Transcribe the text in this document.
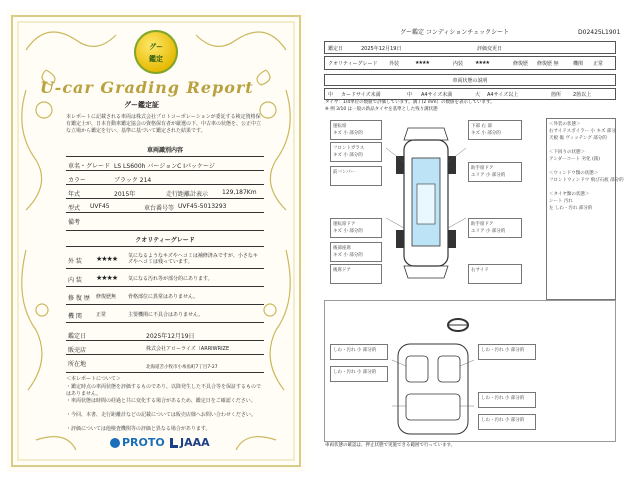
グー
鑑定
U-car Grading Report
グー鑑定証
本レポートに記載される車両は株式会社プロトコーポレーションが委託する検定資格保有鑑定士が、日本自動車鑑定協会の資格保有者が厳選の下、中古車の状態を、公正中立な立場から鑑定を行い、基準に基づいて鑑定された結果です。
車両識別内容
車名・グレード LS LS600h バージョンC Iパッケージ
カラー	ブラック 214
年式	2015年	走行距離計表示 129,187Km
型式 UVF45	車台番号等 UVF45-5013293
備考
クオリティーグレード
外 装 ★★★★ 気になるようなキズやヘコミは補修済みですが、小さなキズやヘコミは残っています。
内 装 ★★★★ 気になる汚れ等が部分的にあります。
修 復 歴 修復歴無 骨格部位に異常はありません。
機 関	正常	主要機関に不具合はありません。
鑑定日	2025年12月19日
販売店	株式会社アローライズ（ARRIWRIZE
所在地	北海道苫小牧市小糸魚町7丁目7-27
＜本レポートについて＞
・鑑定時点の車両状態を評価するものであり、以降発生した不具合等を保証するものではありません。
・車両状態は時間の経過と共に変化する場合があるため、鑑定日をご確認ください。
・今回、本書、走行距離計などの記載については販売店様へお問い合わせください。
・評価については他検査機関等の評価と異なる場合があります。
PROTO	JAAA
グー鑑定 コンディションチェックシート	D02425L1901
鑑定日	2025年12月19日	評価変更日
クオリティーグレード 外装	★★★★	内装 ★★★★	修復歴 修復歴 無	機関 正常
車両状態の説明
中 カードサイズ未満	中 A4サイズ未満	大 A4サイズ以上	箇所 2箇以上
タイヤ：1/4単位の数値で評価しています。溝 / (2 mm）の数値を表示しています。
※ 例 3/10 は一般の新品タイヤを基準とした残り溝状態
運転席
キズ 小 部分的
フロントガラス
キズ 小 部分的
前バンパー
運転席ドア
キズ 小 部分的
後部座席
キズ 小 部分的
後席ドア
下部 右 部
キズ 小 部分的
助手席ドア
エリア 小 部分的
助手席ドア
エリア 小 部分的
右サイド
＜外装の状態＞
右サイドスポイラー 小 キズ 部分
天板 傷 ヴィッテング 部分的
＜下回りの状態＞
アンダーコート 劣化 (錆)
＜ウィンドウ類の状態＞
フロントウィンドウ 飛び石痕 部分的
＜タイヤ類の状態＞
シート 汚れ
左 しわ・汚れ 部分的
しわ・汚れ 小 部分的	しわ・汚れ 小 部分的
しわ・汚れ 小 部分的
しわ・汚れ 小 部分的
しわ・汚れ 小 部分的
車両状態の確認は、押止状態で実施できる範囲で行っています。
